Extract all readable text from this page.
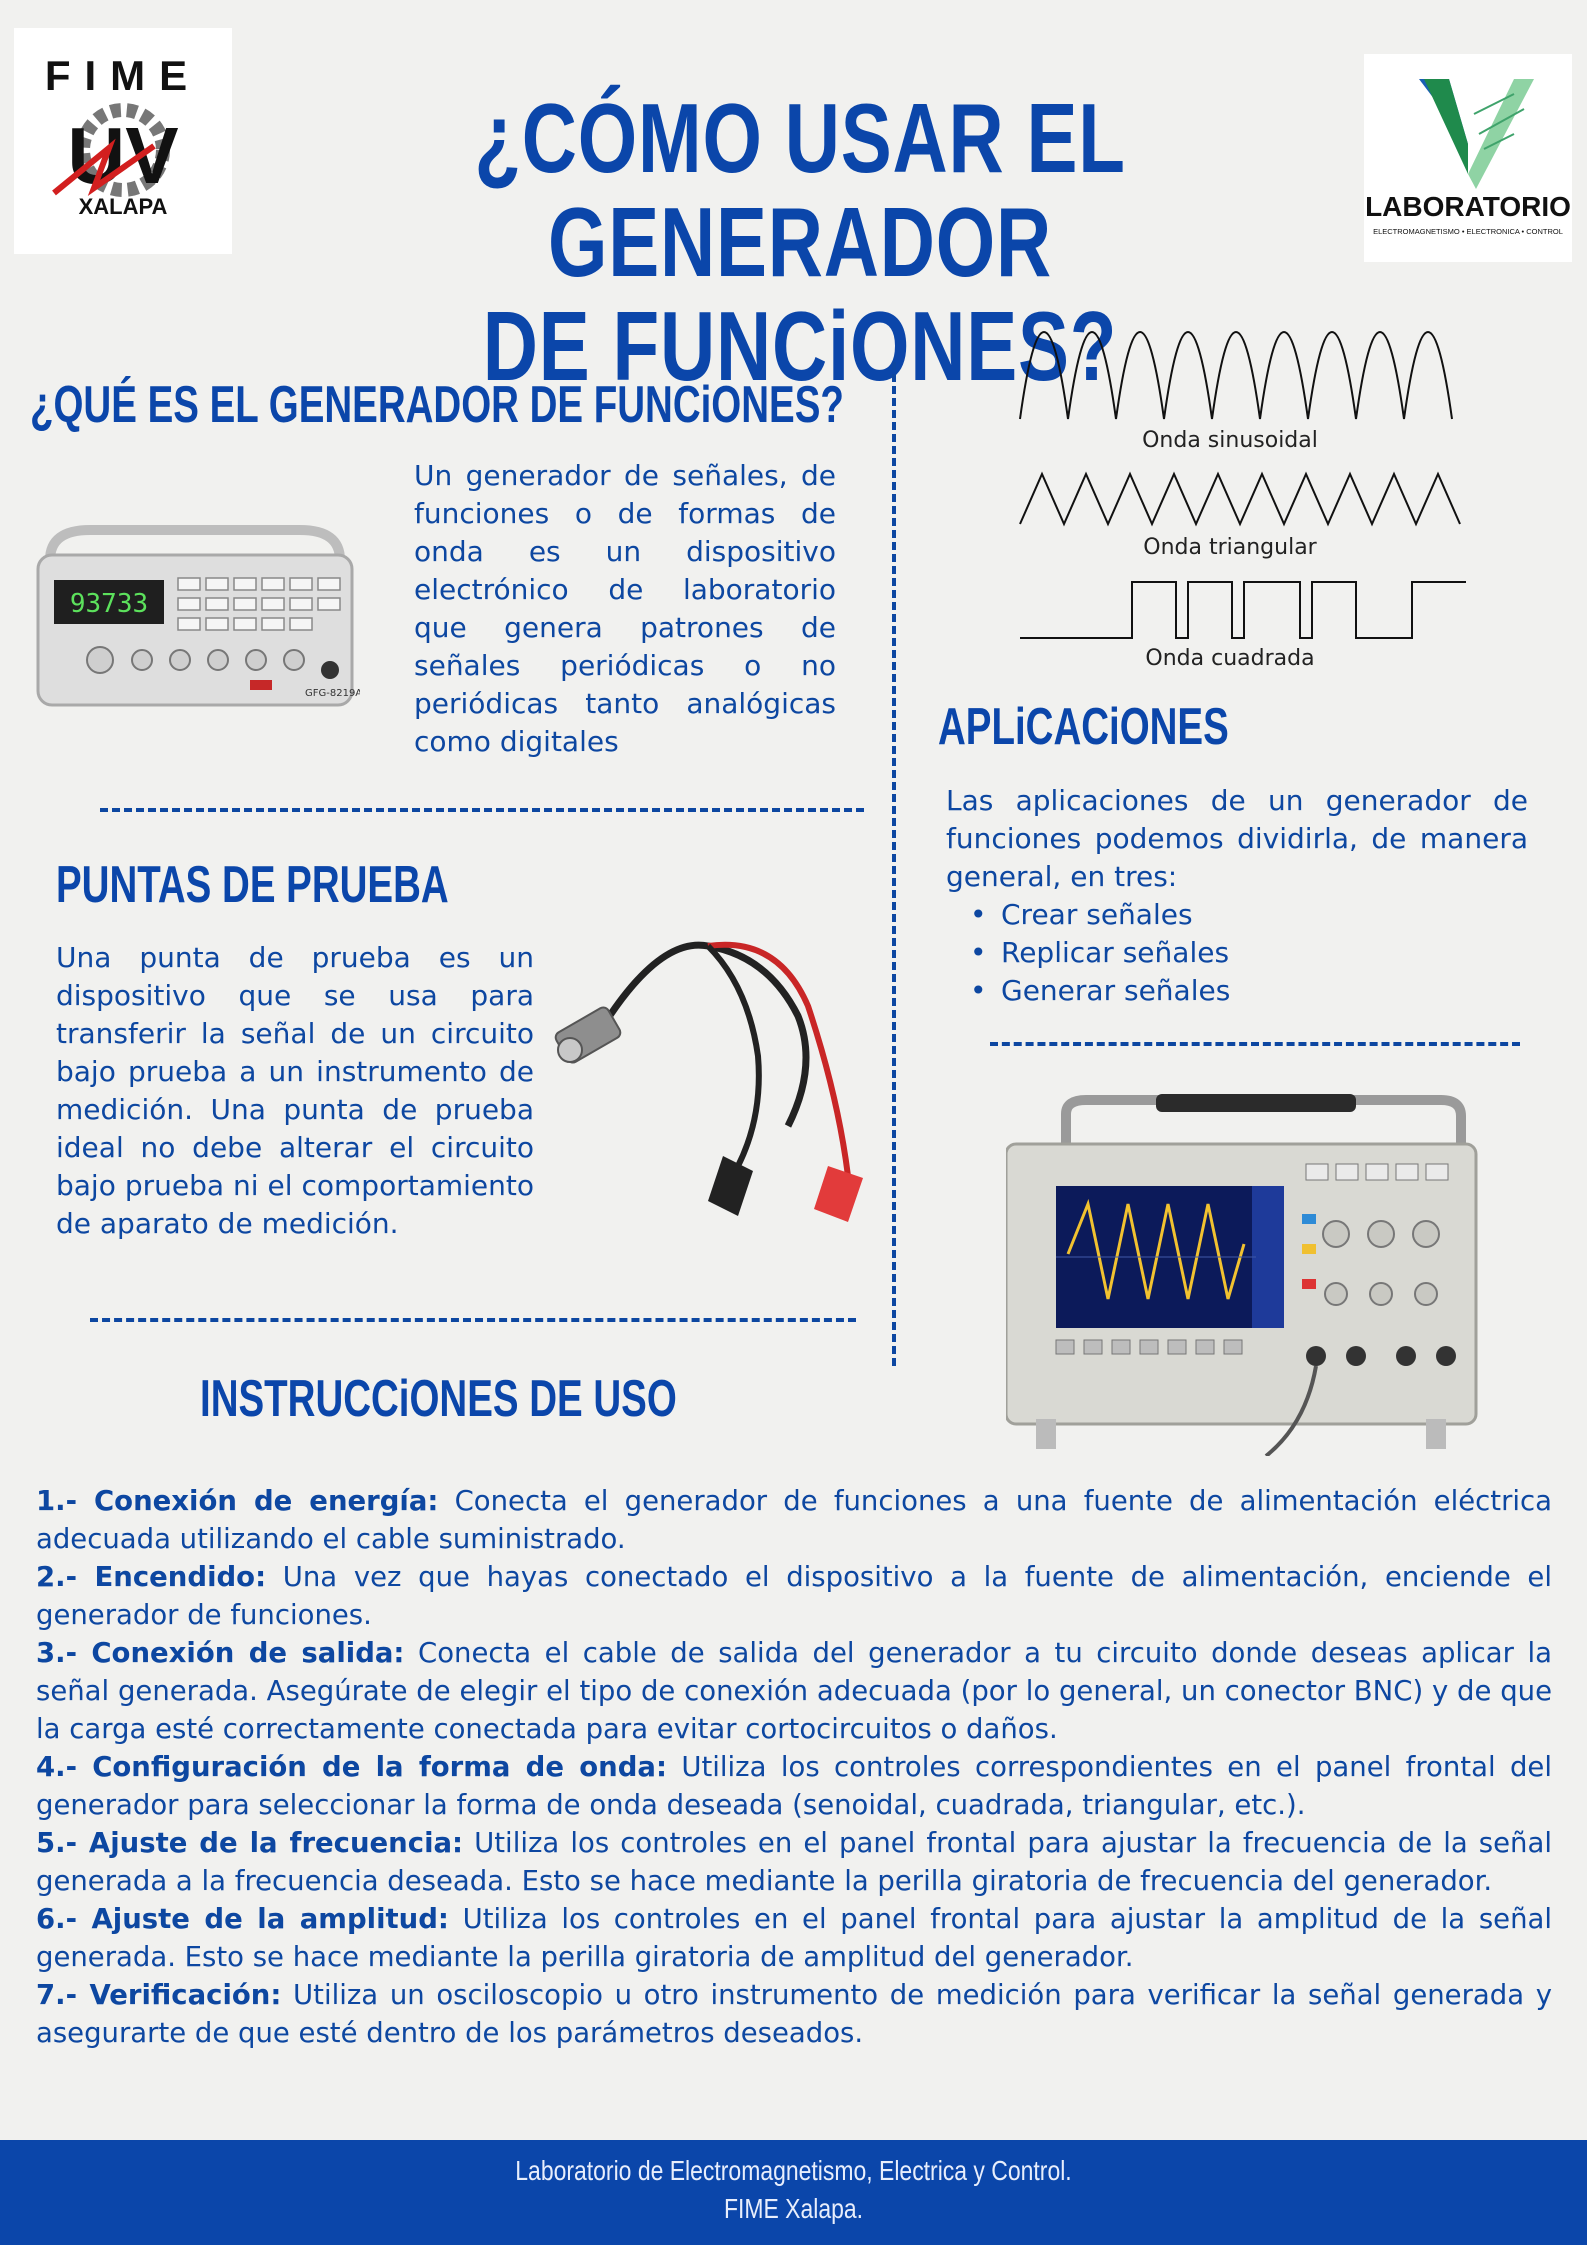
FIME
UV
XALAPA	LABORATORIO
ELECTROMAGNETISMO • ELECTRONICA • CONTROL
¿CÓMO USAR EL GENERADOR
DE FUNCiONES?
¿QUÉ ES EL GENERADOR DE FUNCiONES?
93733
GFG-8219A
Un generador de señales, de funciones o de formas de onda es un dispositivo electrónico de laboratorio que genera patrones de señales periódicas o no periódicas tanto analógicas como digitales
Onda sinusoidal
Onda triangular
Onda cuadrada
APLiCACiONES
Las aplicaciones de un generador de funciones podemos dividirla, de manera general, en tres:
• Crear señales
• Replicar señales
• Generar señales
PUNTAS DE PRUEBA
Una punta de prueba es un dispositivo que se usa para transferir la señal de un circuito bajo prueba a un instrumento de medición. Una punta de prueba ideal no debe alterar el circuito bajo prueba ni el comportamiento de aparato de medición.
INSTRUCCiONES DE USO

1.- Conexión de energía: Conecta el generador de funciones a una fuente de alimentación eléctrica adecuada utilizando el cable suministrado.

2.- Encendido: Una vez que hayas conectado el dispositivo a la fuente de alimentación, enciende el generador de funciones.

3.- Conexión de salida: Conecta el cable de salida del generador a tu circuito donde deseas aplicar la señal generada. Asegúrate de elegir el tipo de conexión adecuada (por lo general, un conector BNC) y de que la carga esté correctamente conectada para evitar cortocircuitos o daños.

4.- Configuración de la forma de onda: Utiliza los controles correspondientes en el panel frontal del generador para seleccionar la forma de onda deseada (senoidal, cuadrada, triangular, etc.).

5.- Ajuste de la frecuencia: Utiliza los controles en el panel frontal para ajustar la frecuencia de la señal generada a la frecuencia deseada. Esto se hace mediante la perilla giratoria de frecuencia del generador.

6.- Ajuste de la amplitud: Utiliza los controles en el panel frontal para ajustar la amplitud de la señal generada. Esto se hace mediante la perilla giratoria de amplitud del generador.

7.- Verificación: Utiliza un osciloscopio u otro instrumento de medición para verificar la señal generada y asegurarte de que esté dentro de los parámetros deseados.

Laboratorio de Electromagnetismo, Electrica y Control.
FIME Xalapa.
